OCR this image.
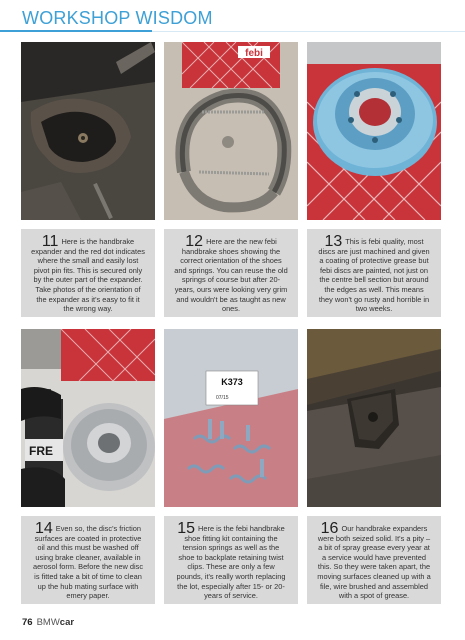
WORKSHOP WISDOM
febi
11 Here is the handbrake expander and the red dot indicates where the small and easily lost pivot pin fits. This is secured only by the outer part of the expander. Take photos of the orientation of the expander as it's easy to fit it the wrong way.
12 Here are the new febi handbrake shoes showing the correct orientation of the shoes and springs. You can reuse the old springs of course but after 20-years, ours were looking very grim and wouldn't be as taught as new ones.
13 This is febi quality, most discs are just machined and given a coating of protective grease but febi discs are painted, not just on the centre bell section but around the edges as well. This means they won't go rusty and horrible in two weeks.
FRE
K373
07/15
14 Even so, the disc's friction surfaces are coated in protective oil and this must be washed off using brake cleaner, available in aerosol form. Before the new disc is fitted take a bit of time to clean up the hub mating surface with emery paper.
15 Here is the febi handbrake shoe fitting kit containing the tension springs as well as the shoe to backplate retaining twist clips. These are only a few pounds, it's really worth replacing the lot, especially after 15- or 20-years of service.
16 Our handbrake expanders were both seized solid. It's a pity – a bit of spray grease every year at a service would have prevented this. So they were taken apart, the moving surfaces cleaned up with a file, wire brushed and assembled with a spot of grease.
76 BMWcar
